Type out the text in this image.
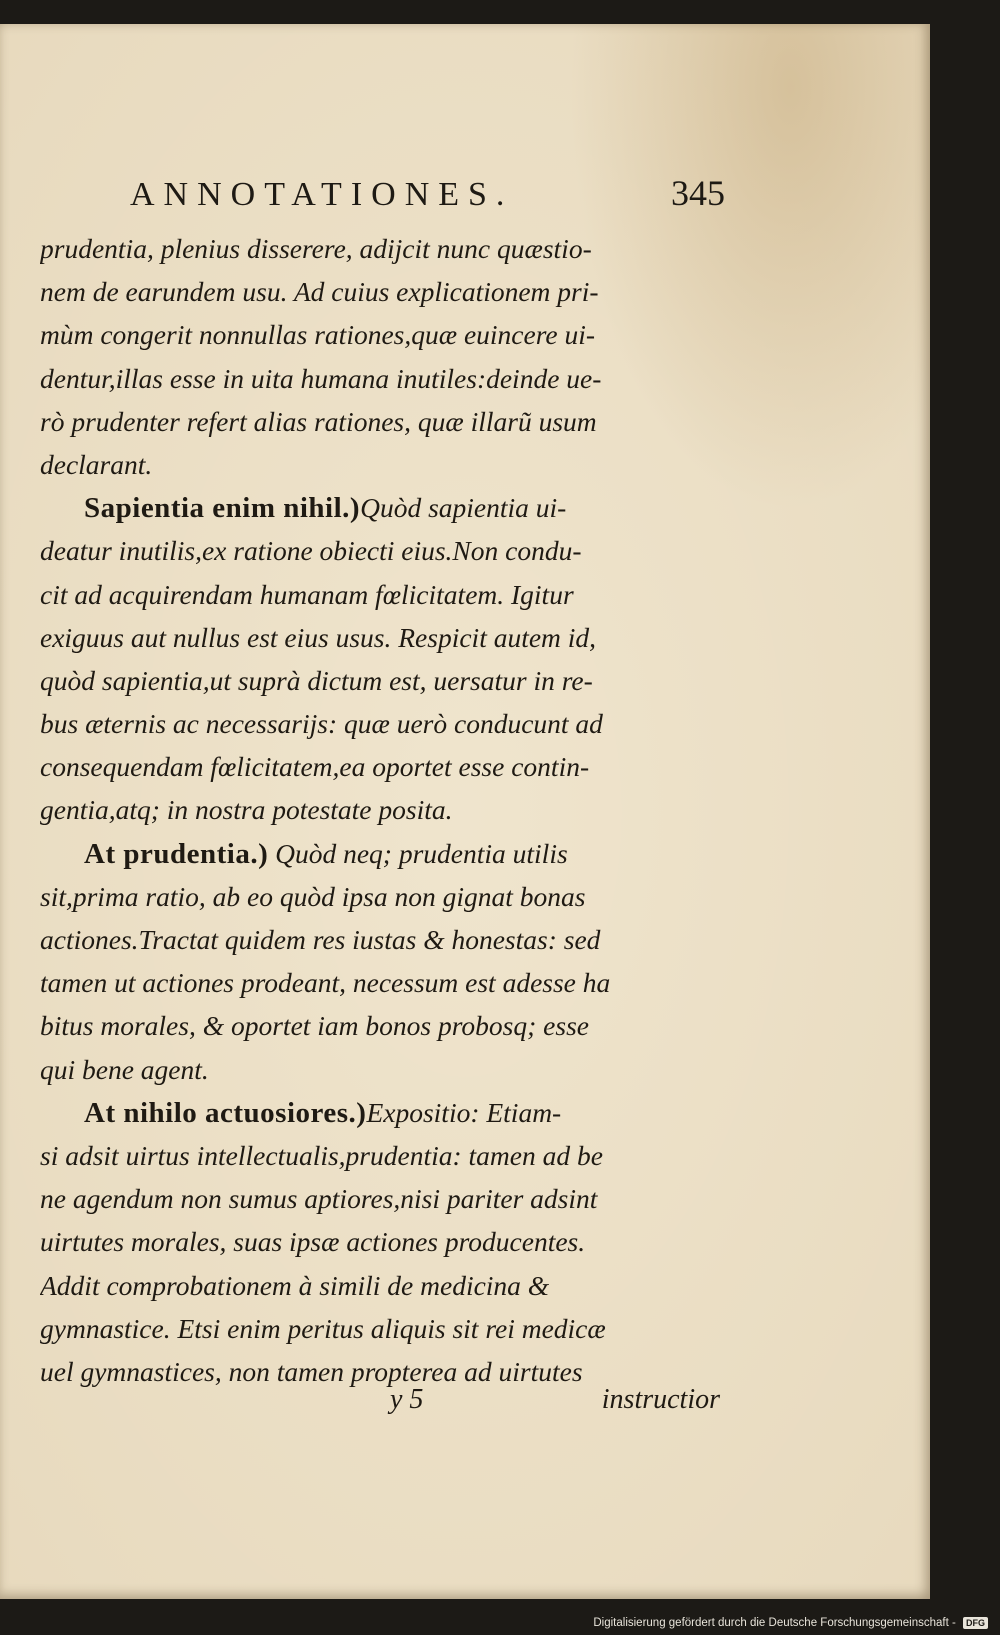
ANNOTATIONES.	345
prudentia, plenius disserere, adijcit nunc quæstio-
nem de earundem usu. Ad cuius explicationem pri-
mùm congerit nonnullas rationes,quæ euincere ui-
dentur,illas esse in uita humana inutiles:deinde ue-
rò prudenter refert alias rationes, quæ illarũ usum
declarant.
Sapientia enim nihil.)Quòd sapientia ui-
deatur inutilis,ex ratione obiecti eius.Non condu-
cit ad acquirendam humanam fœlicitatem. Igitur
exiguus aut nullus est eius usus. Respicit autem id,
quòd sapientia,ut suprà dictum est, uersatur in re-
bus æternis ac necessarijs: quæ uerò conducunt ad
consequendam fœlicitatem,ea oportet esse contin-
gentia,atq; in nostra potestate posita.
At prudentia.) Quòd neq; prudentia utilis
sit,prima ratio, ab eo quòd ipsa non gignat bonas
actiones.Tractat quidem res iustas & honestas: sed
tamen ut actiones prodeant, necessum est adesse ha
bitus morales, & oportet iam bonos probosq; esse
qui bene agent.
At nihilo actuosiores.)Expositio: Etiam-
si adsit uirtus intellectualis,prudentia: tamen ad be
ne agendum non sumus aptiores,nisi pariter adsint
uirtutes morales, suas ipsæ actiones producentes.
Addit comprobationem à simili de medicina &
gymnastice. Etsi enim peritus aliquis sit rei medicæ
uel gymnastices, non tamen propterea ad uirtutes
y 5	instructior
Digitalisierung gefördert durch die Deutsche Forschungsgemeinschaft - DFG
